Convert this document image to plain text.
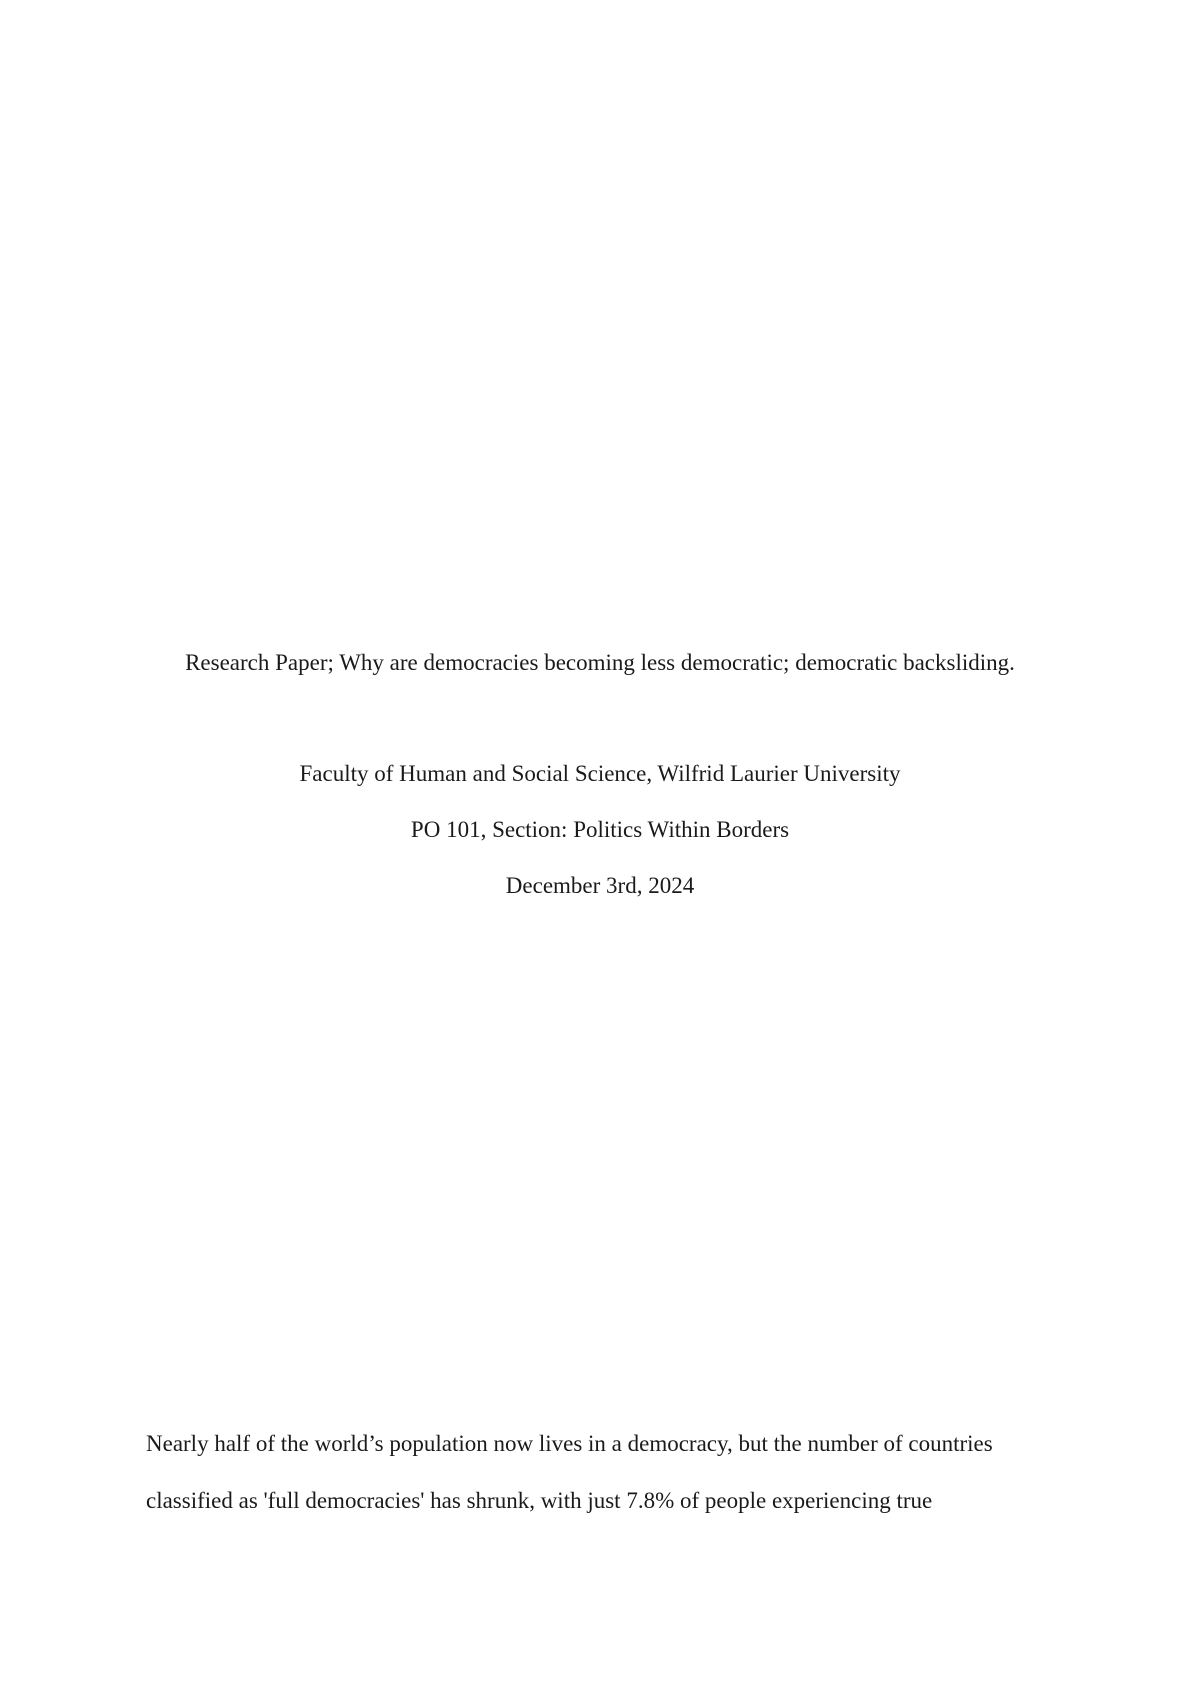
Research Paper; Why are democracies becoming less democratic; democratic backsliding.
Faculty of Human and Social Science, Wilfrid Laurier University
PO 101, Section: Politics Within Borders
December 3rd, 2024
Nearly half of the world’s population now lives in a democracy, but the number of countries
classified as 'full democracies' has shrunk, with just 7.8% of people experiencing true
